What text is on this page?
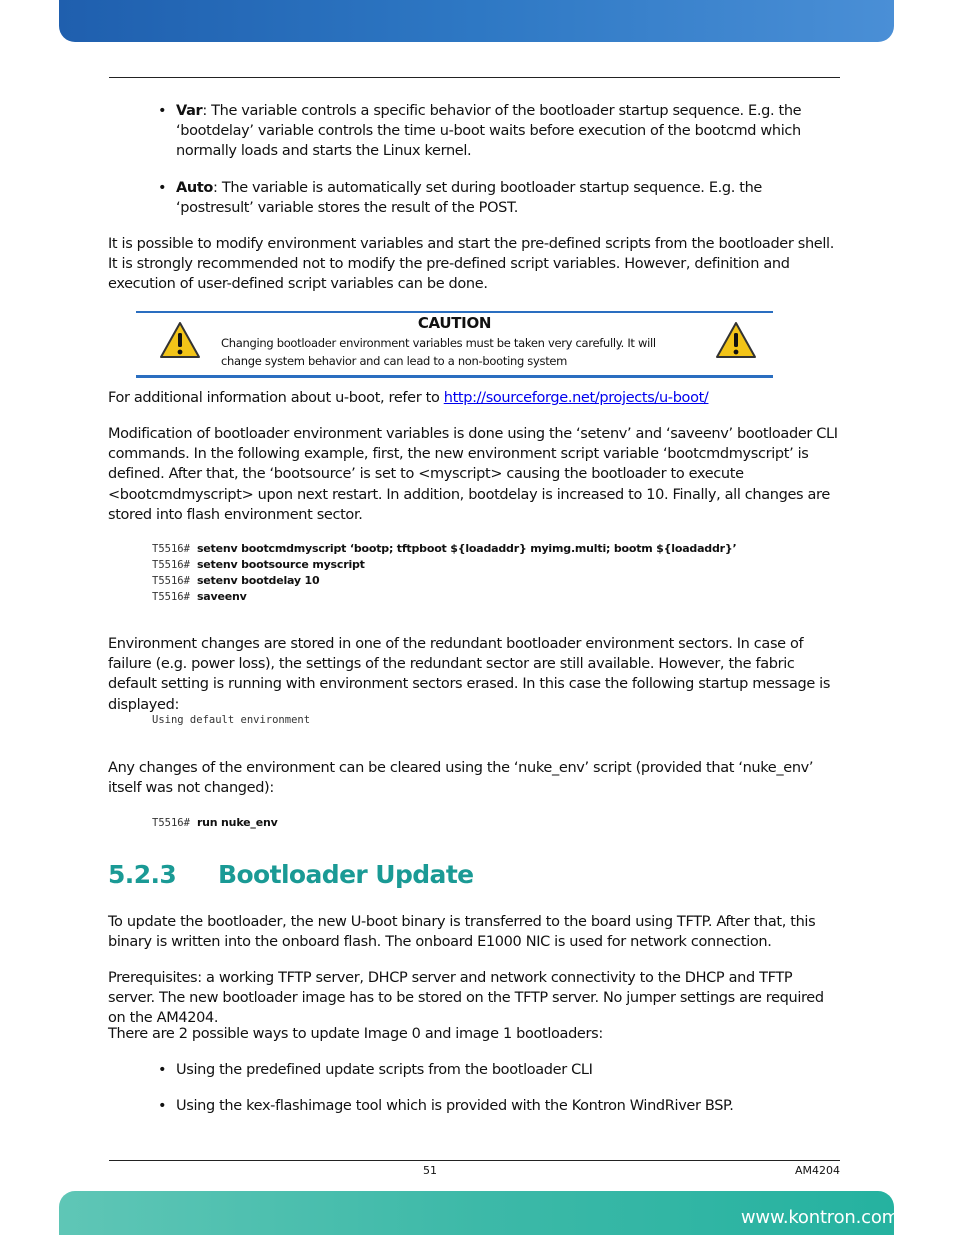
• Var: The variable controls a specific behavior of the bootloader startup sequence. E.g. the ‘bootdelay’ variable controls the time u-boot waits before execution of the bootcmd which normally loads and starts the Linux kernel.
• Auto: The variable is automatically set during bootloader startup sequence. E.g. the ‘postresult’ variable stores the result of the POST.

It is possible to modify environment variables and start the pre-defined scripts from the bootloader shell. It is strongly recommended not to modify the pre-defined script variables. However, definition and execution of user-defined script variables can be done.

CAUTION
Changing bootloader environment variables must be taken very carefully. It will change system behavior and can lead to a non-booting system

For additional information about u-boot, refer to http://sourceforge.net/projects/u-boot/

Modification of bootloader environment variables is done using the ‘setenv’ and ‘saveenv’ bootloader CLI commands. In the following example, first, the new environment script variable ‘bootcmdmyscript’ is defined. After that, the ‘bootsource’ is set to <myscript> causing the bootloader to execute <bootcmdmyscript> upon next restart. In addition, bootdelay is increased to 10. Finally, all changes are stored into flash environment sector.

T5516# setenv bootcmdmyscript ‘bootp; tftpboot ${loadaddr} myimg.multi; bootm ${loadaddr}’
T5516# setenv bootsource myscript
T5516# setenv bootdelay 10
T5516# saveenv

Environment changes are stored in one of the redundant bootloader environment sectors. In case of failure (e.g. power loss), the settings of the redundant sector are still available. However, the fabric default setting is running with environment sectors erased. In this case the following startup message is displayed:

Using default environment

Any changes of the environment can be cleared using the ‘nuke_env’ script (provided that ‘nuke_env’ itself was not changed):

T5516# run nuke_env
5.2.3 Bootloader Update

To update the bootloader, the new U-boot binary is transferred to the board using TFTP. After that, this binary is written into the onboard flash. The onboard E1000 NIC is used for network connection.

Prerequisites: a working TFTP server, DHCP server and network connectivity to the DHCP and TFTP server. The new bootloader image has to be stored on the TFTP server. No jumper settings are required on the AM4204.

There are 2 possible ways to update Image 0 and image 1 bootloaders:

• Using the predefined update scripts from the bootloader CLI
• Using the kex-flashimage tool which is provided with the Kontron WindRiver BSP.
51	AM4204
www.kontron.com
